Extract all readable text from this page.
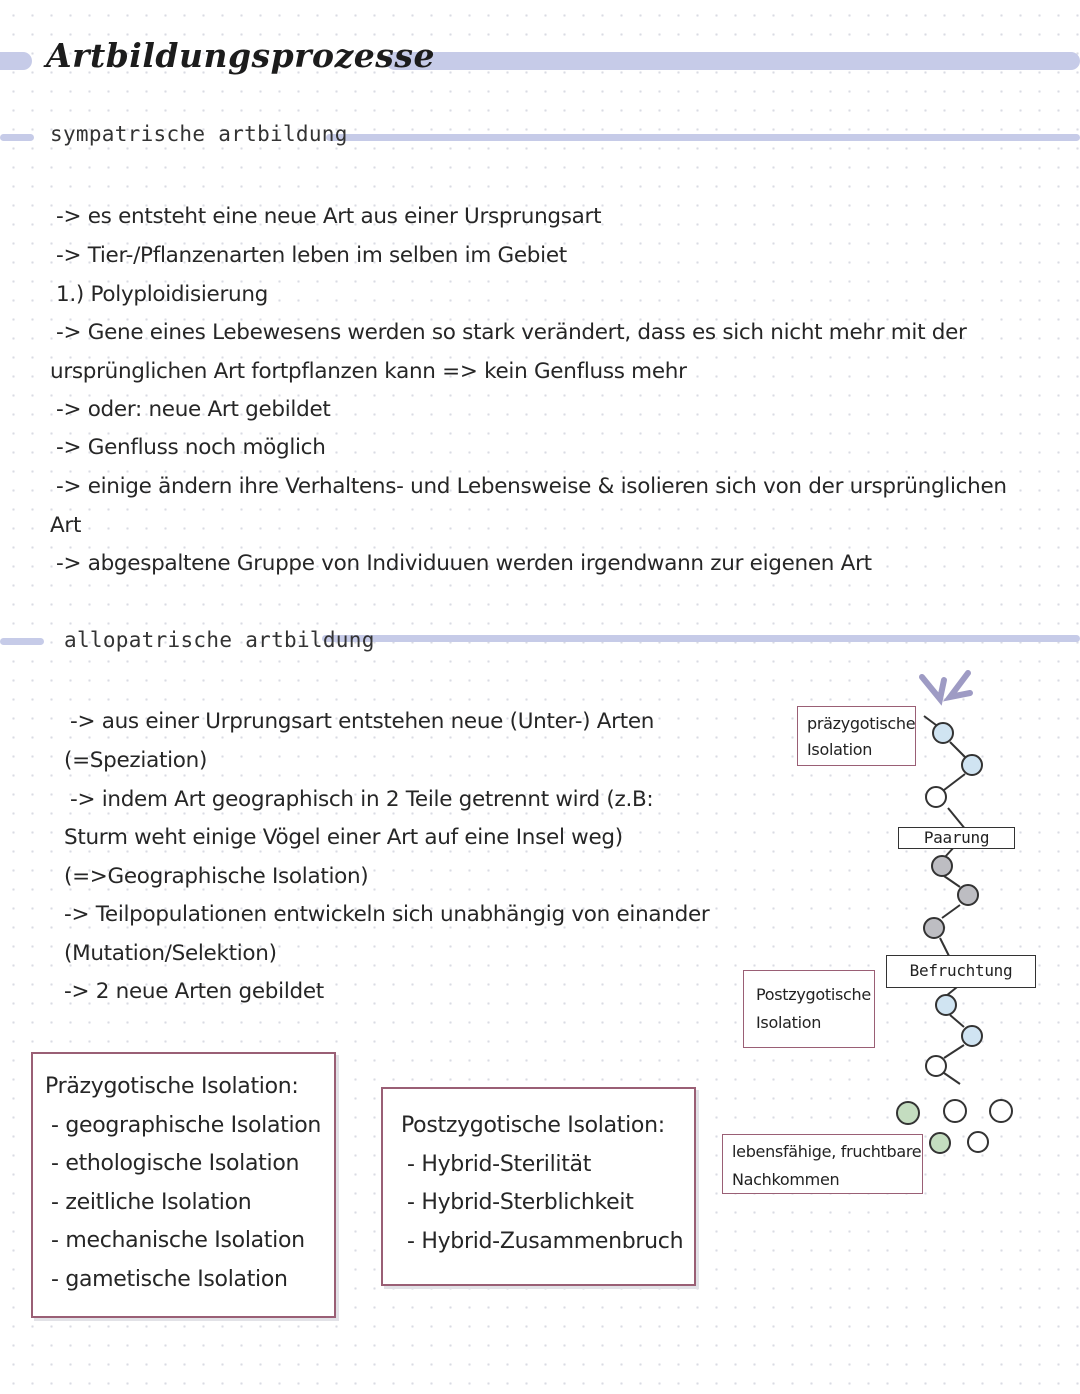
Artbildungsprozesse
sympatrische artbildung
-> es entsteht eine neue Art aus einer Ursprungsart
-> Tier-/Pflanzenarten leben im selben im Gebiet
1.) Polyploidisierung
-> Gene eines Lebewesens werden so stark verändert, dass es sich nicht mehr mit der
ursprünglichen Art fortpflanzen kann => kein Genfluss mehr
-> oder: neue Art gebildet
-> Genfluss noch möglich
-> einige ändern ihre Verhaltens- und Lebensweise & isolieren sich von der ursprünglichen
Art
-> abgespaltene Gruppe von Individuuen werden irgendwann zur eigenen Art
allopatrische artbildung
-> aus einer Urprungsart entstehen neue (Unter-) Arten
(=Speziation)
-> indem Art geographisch in 2 Teile getrennt wird (z.B:
Sturm weht einige Vögel einer Art auf eine Insel weg)
(=>Geographische Isolation)
-> Teilpopulationen entwickeln sich unabhängig von einander
(Mutation/Selektion)
-> 2 neue Arten gebildet
Präzygotische Isolation:
- geographische Isolation
- ethologische Isolation
- zeitliche Isolation
- mechanische Isolation
- gametische Isolation
Postzygotische Isolation:
- Hybrid-Sterilität
- Hybrid-Sterblichkeit
- Hybrid-Zusammenbruch
präzygotische
Isolation
Paarung
Befruchtung
Postzygotische
Isolation
lebensfähige, fruchtbare
Nachkommen
